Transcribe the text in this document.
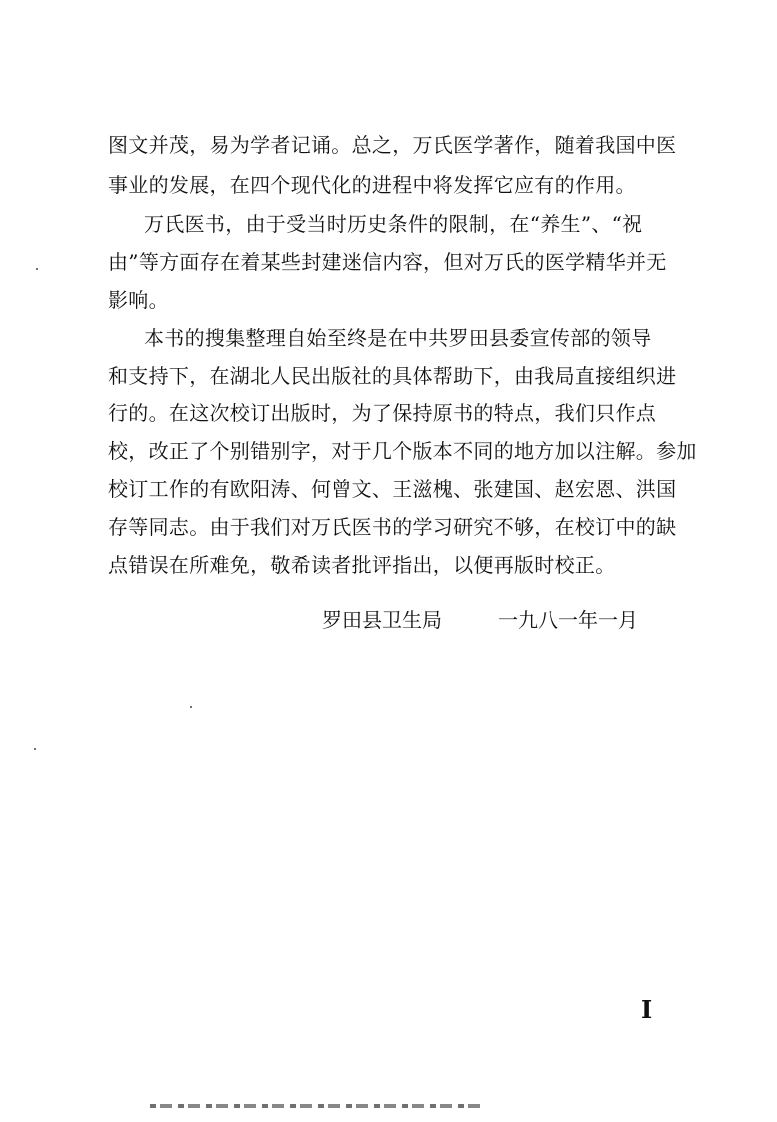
图文并茂，易为学者记诵。总之，万氏医学著作，随着我国中医
事业的发展，在四个现代化的进程中将发挥它应有的作用。
万氏医书，由于受当时历史条件的限制，在“养生”、“祝
由”等方面存在着某些封建迷信内容，但对万氏的医学精华并无
影响。
本书的搜集整理自始至终是在中共罗田县委宣传部的领导
和支持下，在湖北人民出版社的具体帮助下，由我局直接组织进
行的。在这次校订出版时，为了保持原书的特点，我们只作点
校，改正了个别错别字，对于几个版本不同的地方加以注解。参加
校订工作的有欧阳涛、何曾文、王滋槐、张建国、赵宏恩、洪国
存等同志。由于我们对万氏医书的学习研究不够，在校订中的缺
点错误在所难免，敬希读者批评指出，以便再版时校正。
罗田县卫生局	一九八一年一月
I
